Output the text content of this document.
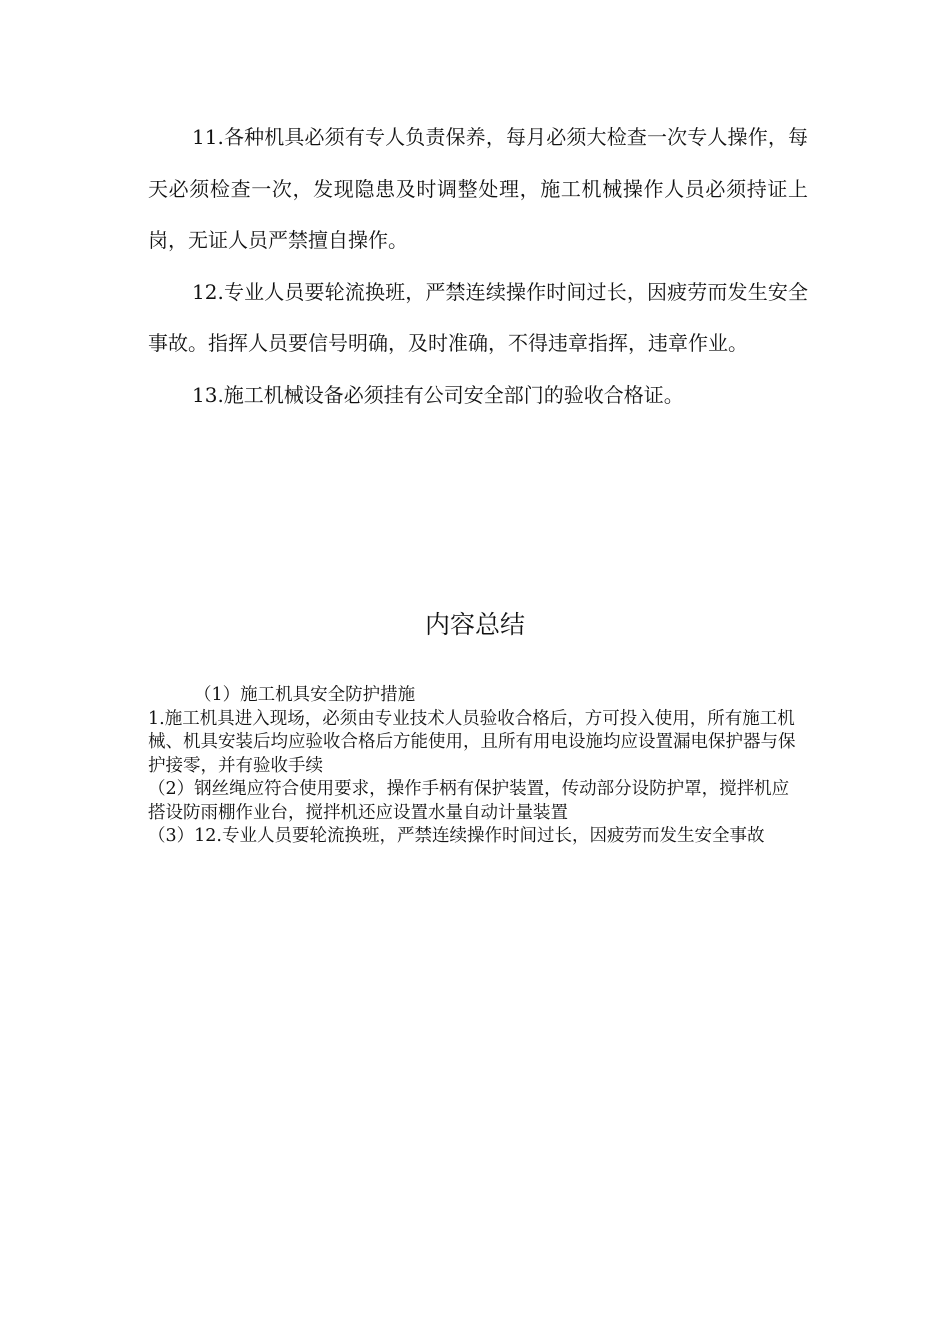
11.各种机具必须有专人负责保养，每月必须大检查一次专人操作，每天必须检查一次，发现隐患及时调整处理，施工机械操作人员必须持证上岗，无证人员严禁擅自操作。

12.专业人员要轮流换班，严禁连续操作时间过长，因疲劳而发生安全事故。指挥人员要信号明确，及时准确，不得违章指挥，违章作业。

13.施工机械设备必须挂有公司安全部门的验收合格证。

内容总结

（1）施工机具安全防护措施

1.施工机具进入现场，必须由专业技术人员验收合格后，方可投入使用，所有施工机械、机具安装后均应验收合格后方能使用，且所有用电设施均应设置漏电保护器与保护接零，并有验收手续

（2）钢丝绳应符合使用要求，操作手柄有保护装置，传动部分设防护罩，搅拌机应搭设防雨棚作业台，搅拌机还应设置水量自动计量装置

（3）12.专业人员要轮流换班，严禁连续操作时间过长，因疲劳而发生安全事故
